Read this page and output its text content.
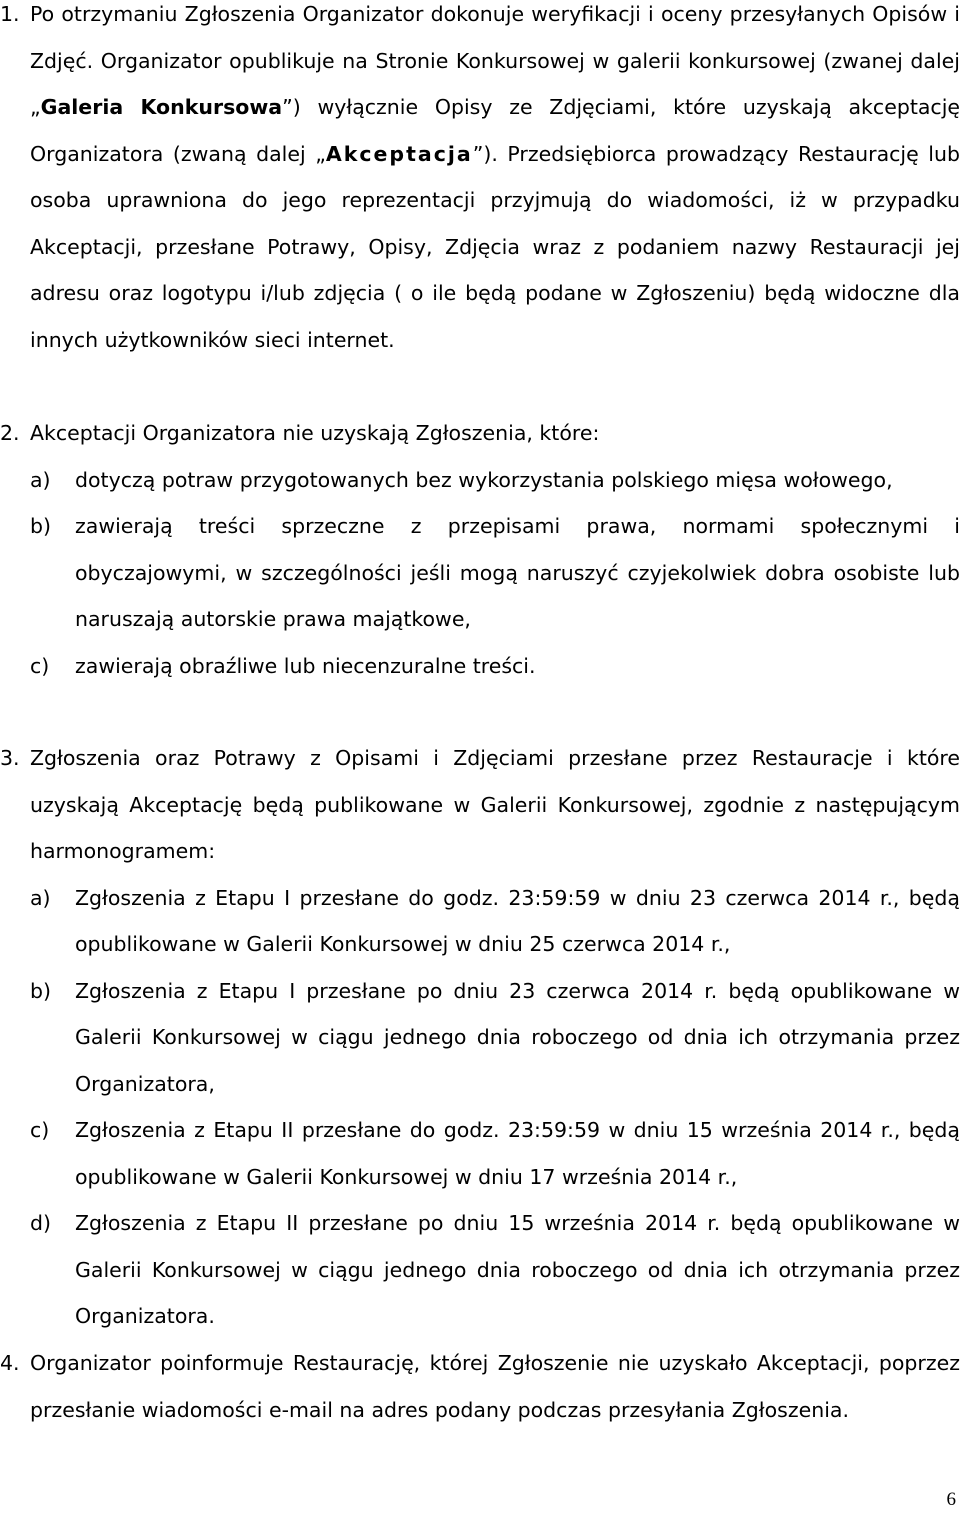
1. Po otrzymaniu Zgłoszenia Organizator dokonuje weryfikacji i oceny przesyłanych Opisów i Zdjęć. Organizator opublikuje na Stronie Konkursowej w galerii konkursowej (zwanej dalej „Galeria Konkursowa”) wyłącznie Opisy ze Zdjęciami, które uzyskają akceptację Organizatora (zwaną dalej „Akceptacja”). Przedsiębiorca prowadzący Restaurację lub osoba uprawniona do jego reprezentacji przyjmują do wiadomości, iż w przypadku Akceptacji, przesłane Potrawy, Opisy, Zdjęcia wraz z podaniem nazwy Restauracji jej adresu oraz logotypu i/lub zdjęcia ( o ile będą podane w Zgłoszeniu) będą widoczne dla innych użytkowników sieci internet.

2. Akceptacji Organizatora nie uzyskają Zgłoszenia, które:
a)	dotyczą potraw przygotowanych bez wykorzystania polskiego mięsa wołowego,
b)	zawierają treści sprzeczne z przepisami prawa, normami społecznymi i obyczajowymi, w szczególności jeśli mogą naruszyć czyjekolwiek dobra osobiste lub naruszają autorskie prawa majątkowe,
c)	zawierają obraźliwe lub niecenzuralne treści.
3. Zgłoszenia oraz Potrawy z Opisami i Zdjęciami przesłane przez Restauracje i które uzyskają Akceptację będą publikowane w Galerii Konkursowej, zgodnie z następującym harmonogramem:
a)	Zgłoszenia z Etapu I przesłane do godz. 23:59:59 w dniu 23 czerwca 2014 r., będą opublikowane w Galerii Konkursowej w dniu 25 czerwca 2014 r.,
b)	Zgłoszenia z Etapu I przesłane po dniu 23 czerwca 2014 r. będą opublikowane w Galerii Konkursowej w ciągu jednego dnia roboczego od dnia ich otrzymania przez Organizatora,
c)	Zgłoszenia z Etapu II przesłane do godz. 23:59:59 w dniu 15 września 2014 r., będą opublikowane w Galerii Konkursowej w dniu 17 września 2014 r.,
d)	Zgłoszenia z Etapu II przesłane po dniu 15 września 2014 r. będą opublikowane w Galerii Konkursowej w ciągu jednego dnia roboczego od dnia ich otrzymania przez Organizatora.
4. Organizator poinformuje Restaurację, której Zgłoszenie nie uzyskało Akceptacji, poprzez przesłanie wiadomości e-mail na adres podany podczas przesyłania Zgłoszenia.
6
